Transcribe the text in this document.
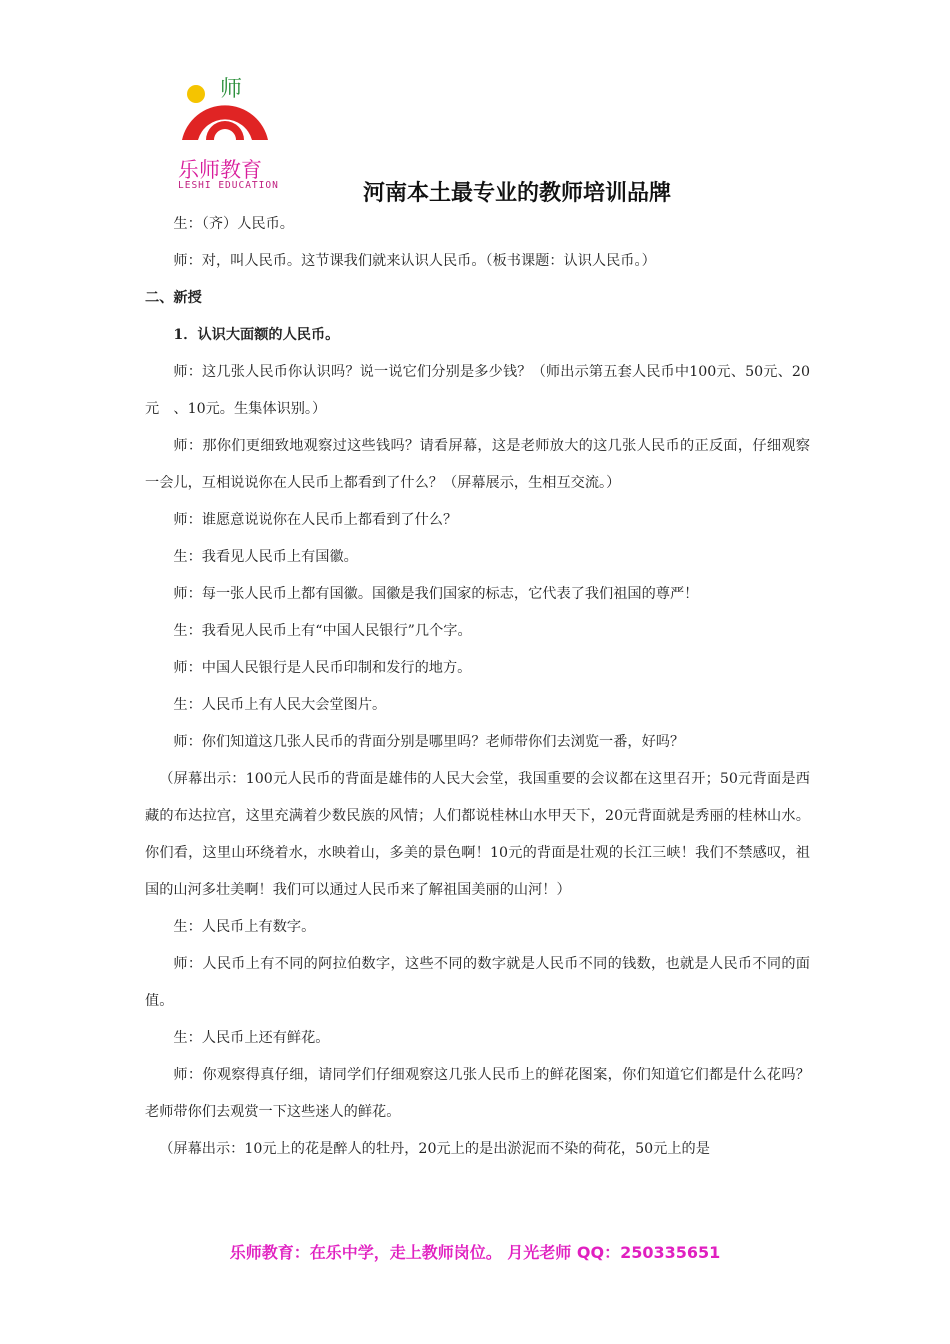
师
乐师教育
LESHI EDUCATION	河南本土最专业的教师培训品牌

生：（齐）人民币。

师：对，叫人民币。这节课我们就来认识人民币。（板书课题：认识人民币。）

二、新授

1．认识大面额的人民币。

师：这几张人民币你认识吗？说一说它们分别是多少钱？（师出示第五套人民币中100元、50元、20元　、10元。生集体识别。）

师：那你们更细致地观察过这些钱吗？请看屏幕，这是老师放大的这几张人民币的正反面，仔细观察一会儿，互相说说你在人民币上都看到了什么？（屏幕展示，生相互交流。）

师：谁愿意说说你在人民币上都看到了什么？

生：我看见人民币上有国徽。

师：每一张人民币上都有国徽。国徽是我们国家的标志，它代表了我们祖国的尊严！

生：我看见人民币上有“中国人民银行”几个字。

师：中国人民银行是人民币印制和发行的地方。

生：人民币上有人民大会堂图片。

师：你们知道这几张人民币的背面分别是哪里吗？老师带你们去浏览一番，好吗？

（屏幕出示：100元人民币的背面是雄伟的人民大会堂，我国重要的会议都在这里召开；50元背面是西藏的布达拉宫，这里充满着少数民族的风情；人们都说桂林山水甲天下，20元背面就是秀丽的桂林山水。你们看，这里山环绕着水，水映着山，多美的景色啊！10元的背面是壮观的长江三峡！我们不禁感叹，祖国的山河多壮美啊！我们可以通过人民币来了解祖国美丽的山河！）

生：人民币上有数字。

师：人民币上有不同的阿拉伯数字，这些不同的数字就是人民币不同的钱数，也就是人民币不同的面值。

生：人民币上还有鲜花。

师：你观察得真仔细，请同学们仔细观察这几张人民币上的鲜花图案，你们知道它们都是什么花吗？老师带你们去观赏一下这些迷人的鲜花。

（屏幕出示：10元上的花是醉人的牡丹，20元上的是出淤泥而不染的荷花，50元上的是

乐师教育：在乐中学，走上教师岗位。 月光老师 QQ：250335651
